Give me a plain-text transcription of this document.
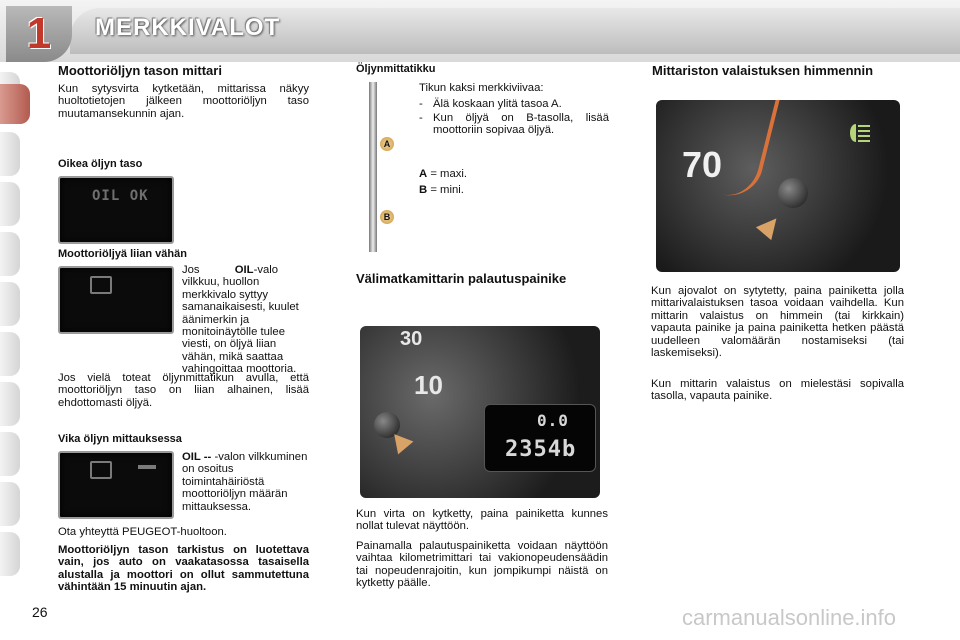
1 MERKKIVALOT
Moottoriöljyn tason mittari
Kun sytysvirta kytketään, mittarissa näkyy huoltotietojen jälkeen moottoriöljyn taso muutamansekunnin ajan.
Oikea öljyn taso
OIL OK
Moottoriöljyä liian vähän
Jos	OIL-valo vilkkuu, huollon merkkivalo syttyy samanaikaisesti, kuulet äänimerkin ja monitoinäytölle tulee viesti, on öljyä liian vähän, mikä saattaa vahingoittaa moottoria.
Jos vielä toteat öljynmittatikun avulla, että moottoriöljyn taso on liian alhainen, lisää ehdottomasti öljyä.
Vika öljyn mittauksessa
OIL -- -valon vilkkuminen on osoitus toimintahäiriöstä moottoriöljyn määrän mittauksessa.
Ota yhteyttä PEUGEOT-huoltoon.
Moottoriöljyn tason tarkistus on luotettava vain, jos auto on vaakatasossa tasaisella alustalla ja moottori on ollut sammutettuna vähintään 15 minuutin ajan.
Öljynmittatikku
A
B
Tikun kaksi merkkiviivaa:
- Älä koskaan ylitä tasoa A.
- Kun öljyä on B-tasolla, lisää moottoriin sopivaa öljyä.
A = maxi.
B = mini.
Välimatkamittarin palautuspainike
30
10
0.0
2354b
Kun virta on kytketty, paina painiketta kunnes nollat tulevat näyttöön.
Painamalla palautuspainiketta voidaan näyttöön vaihtaa kilometrimittari tai vakionopeudensäädin tai nopeudenrajoitin, kun jompikumpi näistä on kytketty päälle.
Mittariston valaistuksen himmennin
70
Kun ajovalot on sytytetty, paina painiketta jolla mittarivalaistuksen tasoa voidaan vaihdella. Kun mittarin valaistus on himmein (tai kirkkain) vapauta painike ja paina painiketta hetken päästä uudelleen valomäärän nostamiseksi (tai laskemiseksi).
Kun mittarin valaistus on mielestäsi sopivalla tasolla, vapauta painike.
26	carmanualsonline.info
